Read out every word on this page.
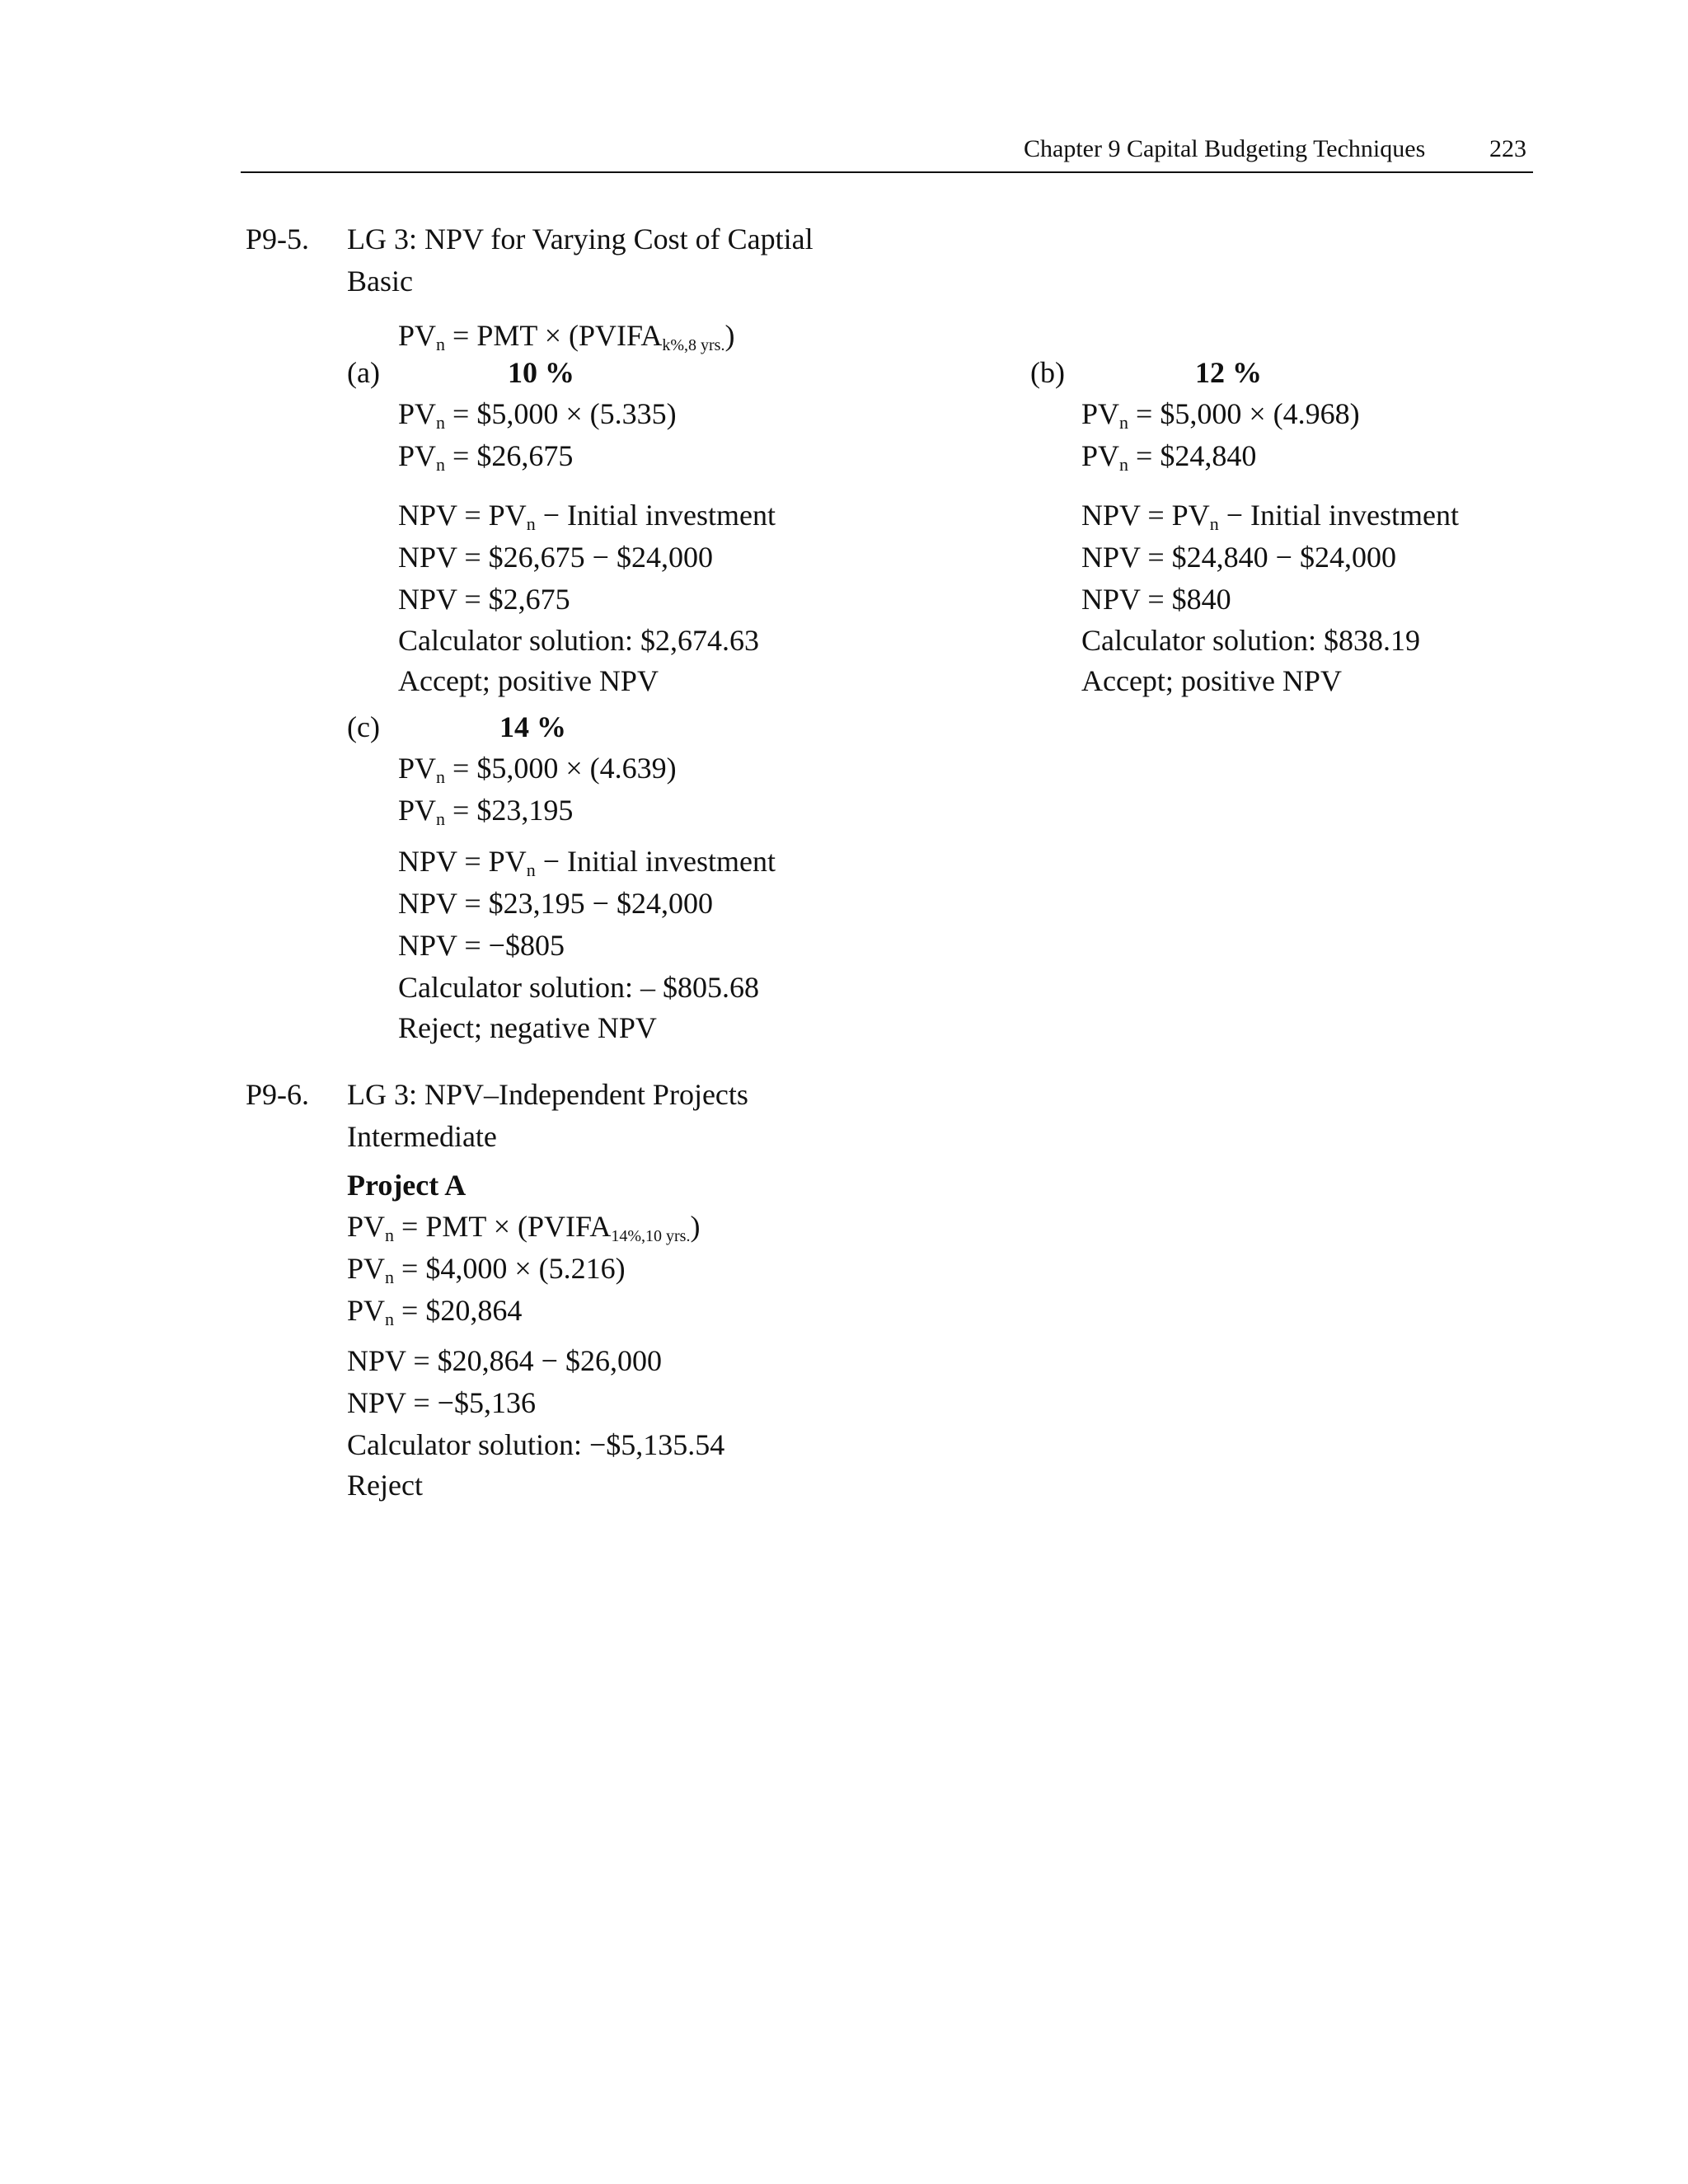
Chapter 9 Capital Budgeting Techniques	223
P9-5. LG 3: NPV for Varying Cost of Captial
Basic
$PV_n$ = PMT × (PVIFAk%,8 yrs.)
(a)	10 %
$PV_n$ = $5,000 × (5.335)
$PV_n$ = $26,675
NPV = $PV_n$ − Initial investment
NPV = $26,675 − $24,000
NPV = $2,675
Calculator solution: $2,674.63
Accept; positive NPV
(b)	12 %
$PV_n$ = $5,000 × (4.968)
$PV_n$ = $24,840
NPV = $PV_n$ − Initial investment
NPV = $24,840 − $24,000
NPV = $840
Calculator solution: $838.19
Accept; positive NPV
(c)	14 %
$PV_n$ = $5,000 × (4.639)
$PV_n$ = $23,195
NPV = $PV_n$ − Initial investment
NPV = $23,195 − $24,000
NPV = −$805
Calculator solution: – $805.68
Reject; negative NPV
P9-6. LG 3: NPV–Independent Projects
Intermediate
Project A
$PV_n$ = PMT × (PVIFA14%,10 yrs.)
$PV_n$ = $4,000 × (5.216)
$PV_n$ = $20,864
NPV = $20,864 − $26,000
NPV = −$5,136
Calculator solution: −$5,135.54
Reject
